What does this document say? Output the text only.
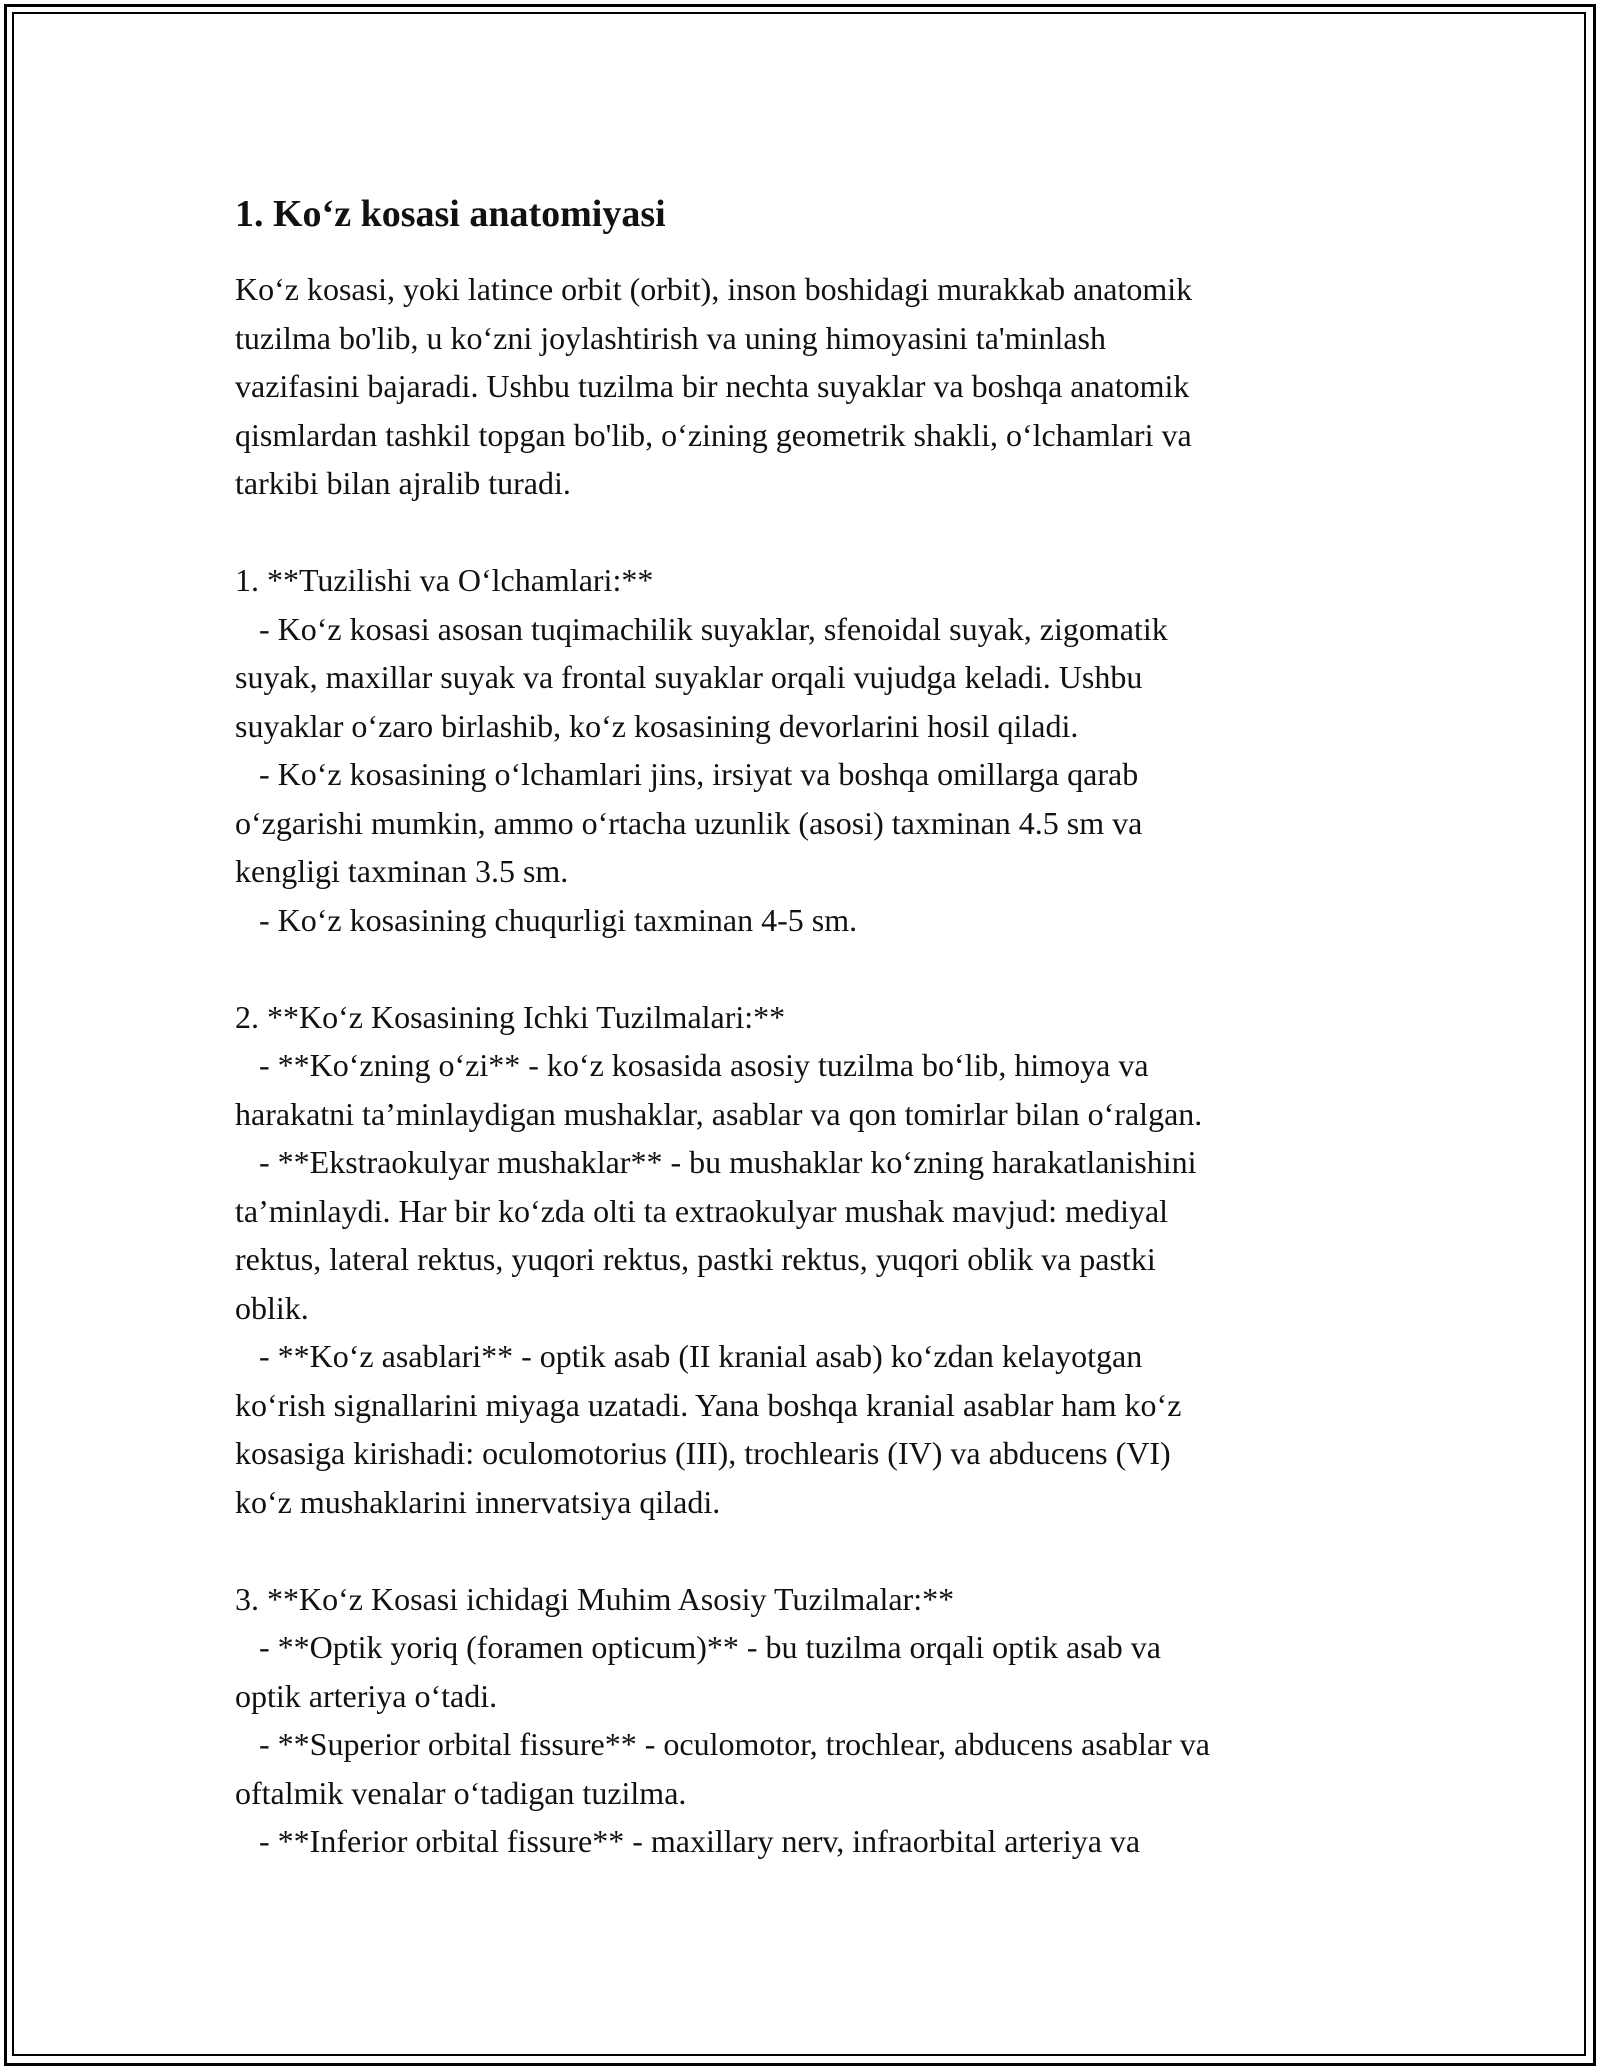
1. Ko‘z kosasi anatomiyasi
Ko‘z kosasi, yoki latince orbit (orbit), inson boshidagi murakkab anatomik
tuzilma bo'lib, u ko‘zni joylashtirish va uning himoyasini ta'minlash
vazifasini bajaradi. Ushbu tuzilma bir nechta suyaklar va boshqa anatomik
qismlardan tashkil topgan bo'lib, o‘zining geometrik shakli, o‘lchamlari va
tarkibi bilan ajralib turadi.
1. **Tuzilishi va O‘lchamlari:**
- Ko‘z kosasi asosan tuqimachilik suyaklar, sfenoidal suyak, zigomatik
suyak, maxillar suyak va frontal suyaklar orqali vujudga keladi. Ushbu
suyaklar o‘zaro birlashib, ko‘z kosasining devorlarini hosil qiladi.
- Ko‘z kosasining o‘lchamlari jins, irsiyat va boshqa omillarga qarab
o‘zgarishi mumkin, ammo o‘rtacha uzunlik (asosi) taxminan 4.5 sm va
kengligi taxminan 3.5 sm.
- Ko‘z kosasining chuqurligi taxminan 4-5 sm.
2. **Ko‘z Kosasining Ichki Tuzilmalari:**
- **Ko‘zning o‘zi** - ko‘z kosasida asosiy tuzilma bo‘lib, himoya va
harakatni ta’minlaydigan mushaklar, asablar va qon tomirlar bilan o‘ralgan.
- **Ekstraokulyar mushaklar** - bu mushaklar ko‘zning harakatlanishini
ta’minlaydi. Har bir ko‘zda olti ta extraokulyar mushak mavjud: mediyal
rektus, lateral rektus, yuqori rektus, pastki rektus, yuqori oblik va pastki
oblik.
- **Ko‘z asablari** - optik asab (II kranial asab) ko‘zdan kelayotgan
ko‘rish signallarini miyaga uzatadi. Yana boshqa kranial asablar ham ko‘z
kosasiga kirishadi: oculomotorius (III), trochlearis (IV) va abducens (VI)
ko‘z mushaklarini innervatsiya qiladi.
3. **Ko‘z Kosasi ichidagi Muhim Asosiy Tuzilmalar:**
- **Optik yoriq (foramen opticum)** - bu tuzilma orqali optik asab va
optik arteriya o‘tadi.
- **Superior orbital fissure** - oculomotor, trochlear, abducens asablar va
oftalmik venalar o‘tadigan tuzilma.
- **Inferior orbital fissure** - maxillary nerv, infraorbital arteriya va
